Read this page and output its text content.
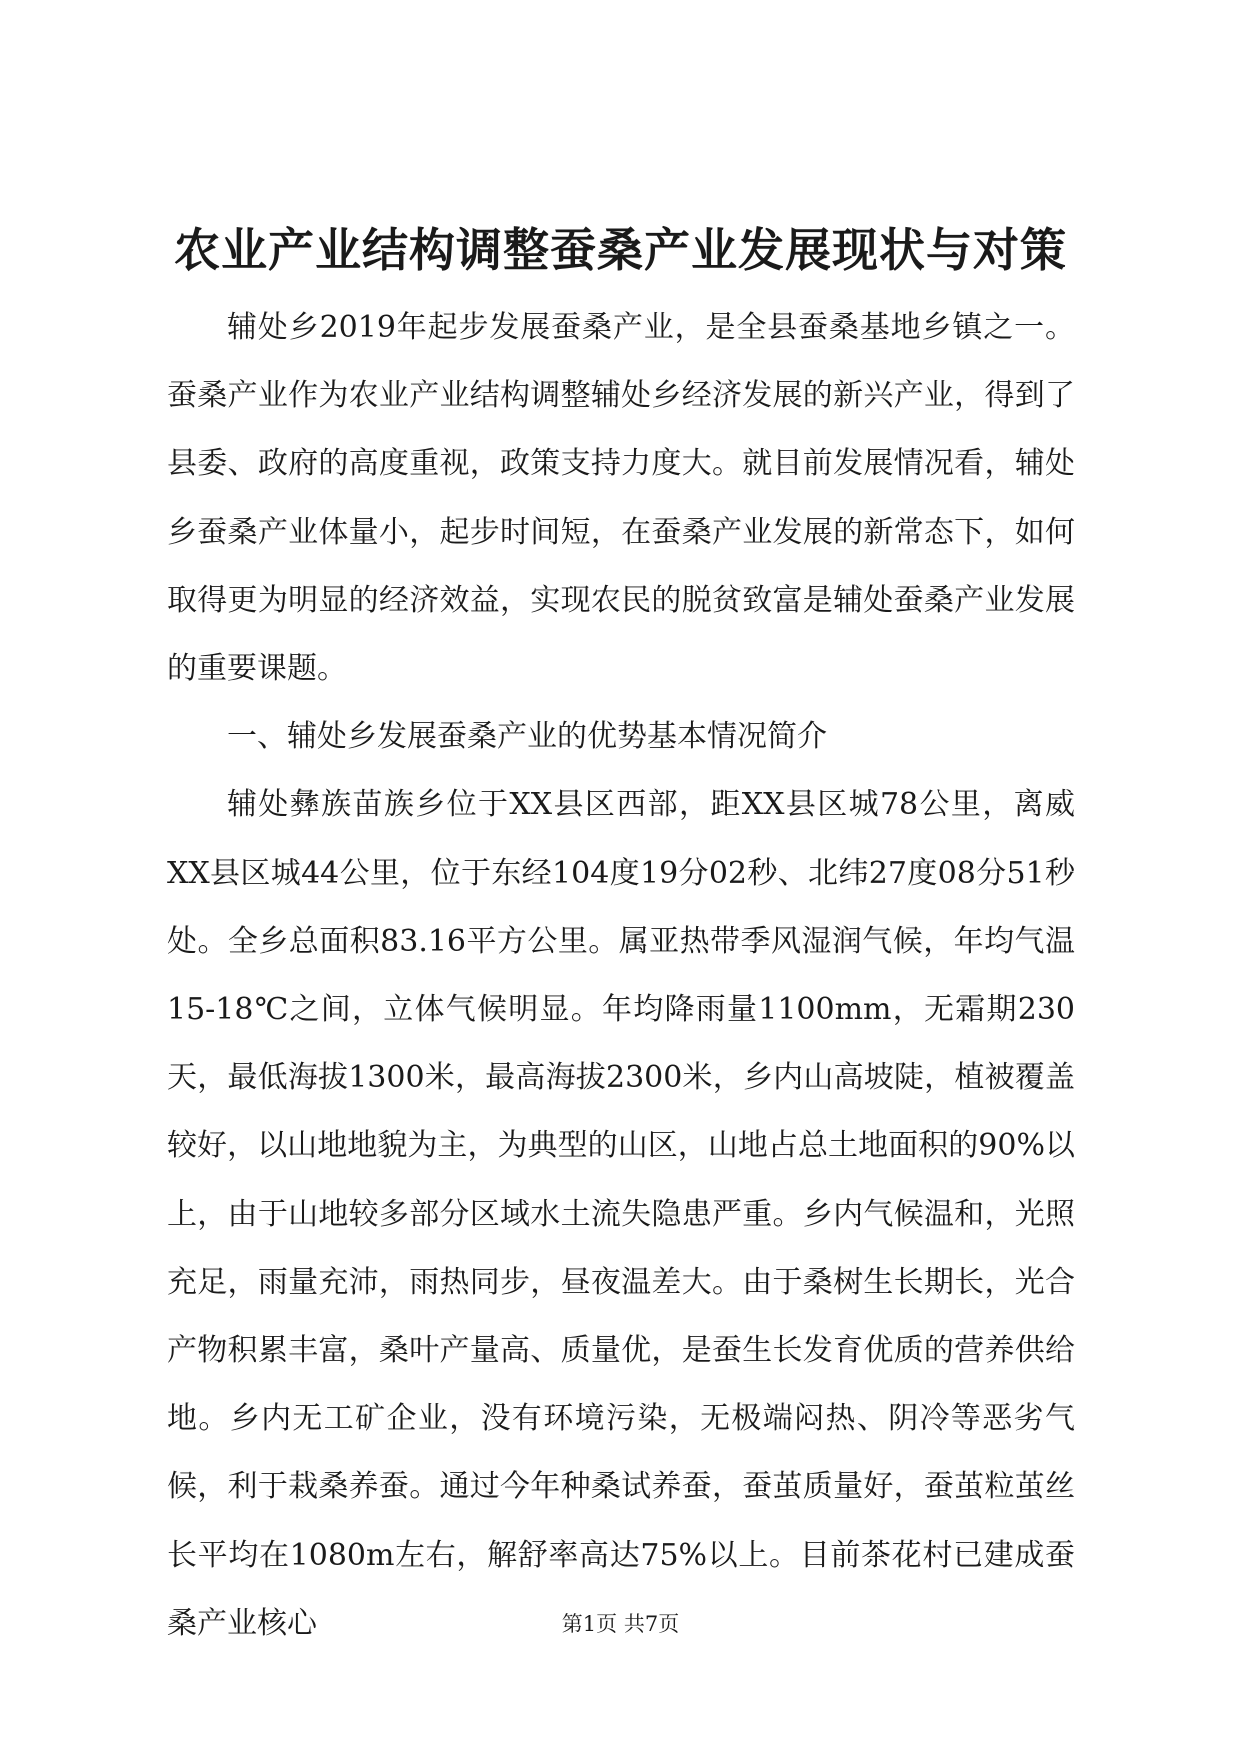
农业产业结构调整蚕桑产业发展现状与对策

辅处乡2019年起步发展蚕桑产业，是全县蚕桑基地乡镇之一。蚕桑产业作为农业产业结构调整辅处乡经济发展的新兴产业，得到了县委、政府的高度重视，政策支持力度大。就目前发展情况看，辅处乡蚕桑产业体量小，起步时间短，在蚕桑产业发展的新常态下，如何取得更为明显的经济效益，实现农民的脱贫致富是辅处蚕桑产业发展的重要课题。

一、辅处乡发展蚕桑产业的优势基本情况简介

辅处彝族苗族乡位于XX县区西部，距XX县区城78公里，离威XX县区城44公里，位于东经104度19分02秒、北纬27度08分51秒处。全乡总面积83.16平方公里。属亚热带季风湿润气候，年均气温15-18℃之间，立体气候明显。年均降雨量1100mm，无霜期230天，最低海拔1300米，最高海拔2300米，乡内山高坡陡，植被覆盖较好，以山地地貌为主，为典型的山区，山地占总土地面积的90%以上，由于山地较多部分区域水土流失隐患严重。乡内气候温和，光照充足，雨量充沛，雨热同步，昼夜温差大。由于桑树生长期长，光合产物积累丰富，桑叶产量高、质量优，是蚕生长发育优质的营养供给地。乡内无工矿企业，没有环境污染，无极端闷热、阴冷等恶劣气候，利于栽桑养蚕。通过今年种桑试养蚕，蚕茧质量好，蚕茧粒茧丝长平均在1080m左右，解舒率高达75%以上。目前茶花村已建成蚕桑产业核心	第1页 共7页
